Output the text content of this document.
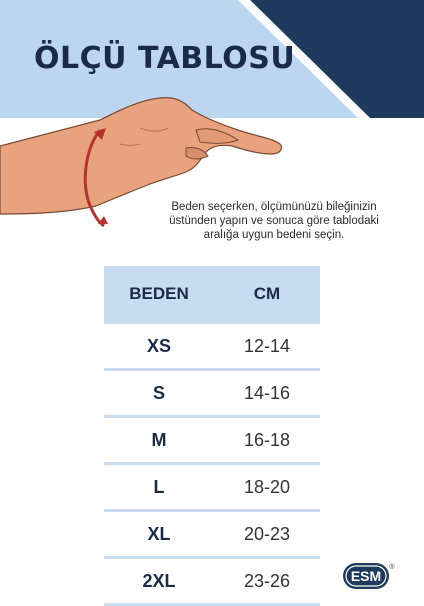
ÖLÇÜ TABLOSU
Beden seçerken, ölçümünüzü bileğinizin üstünden yapın ve sonuca göre tablodaki aralığa uygun bedeni seçin.
BEDEN	CM
XS	12-14
S	14-16
M	16-18
L	18-20
XL	20-23
2XL	23-26	ESM
®
